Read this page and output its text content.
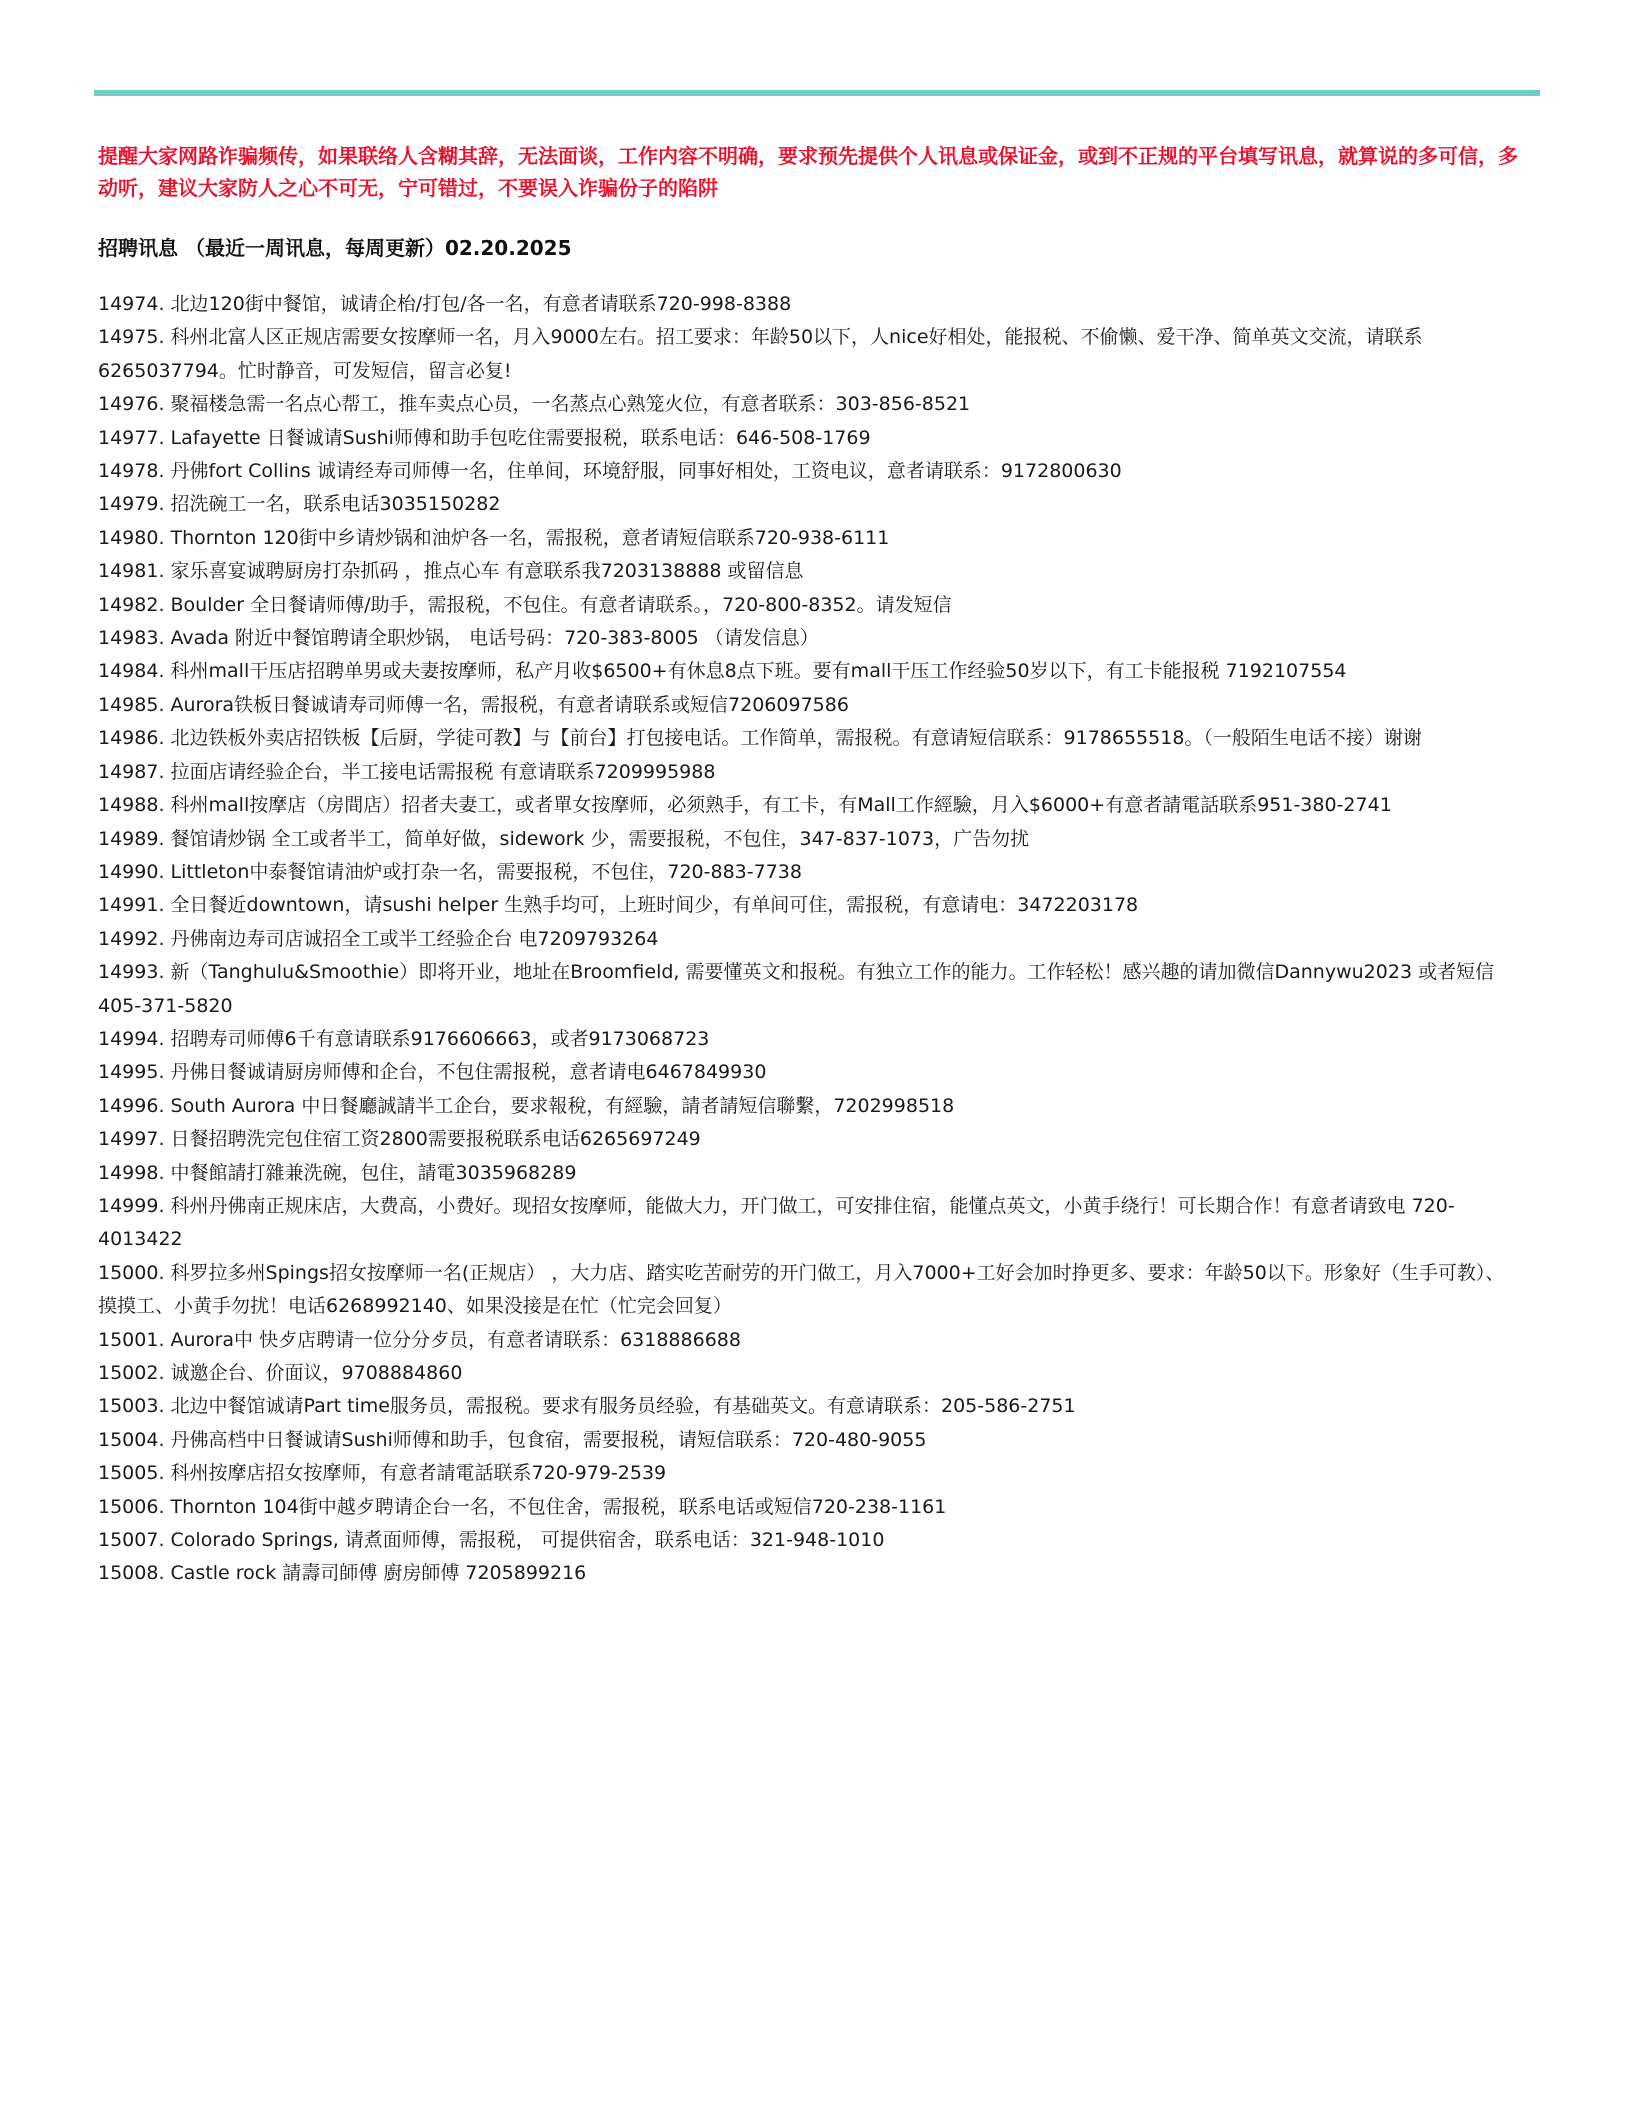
提醒大家网路诈骗频传，如果联络人含糊其辞，无法面谈，工作内容不明确，要求预先提供个人讯息或保证金，或到不正规的平台填写讯息，就算说的多可信，多动听，建议大家防人之心不可无，宁可错过，不要误入诈骗份子的陷阱

招聘讯息 （最近一周讯息，每周更新）02.20.2025

14974. 北边120街中餐馆，诚请企枱/打包/各一名，有意者请联系720-998-8388
14975. 科州北富人区正规店需要女按摩师一名，月入9000左右。招工要求：年龄50以下，人nice好相处，能报税、不偷懒、爱干净、简单英文交流，请联系6265037794。忙时静音，可发短信，留言必复!
14976. 聚福楼急需一名点心帮工，推车卖点心员，一名蒸点心熟笼火位，有意者联系：303-856-8521
14977. Lafayette 日餐诚请Sushi师傅和助手包吃住需要报税，联系电话：646-508-1769
14978. 丹佛fort Collins 诚请经寿司师傅一名，住单间，环境舒服，同事好相处，工资电议，意者请联系：9172800630
14979. 招洗碗工一名，联系电话3035150282
14980. Thornton 120街中乡请炒锅和油炉各一名，需报税，意者请短信联系720-938-6111
14981. 家乐喜宴诚聘厨房打杂抓码 ，推点心车 有意联系我7203138888 或留信息
14982. Boulder 全日餐请师傅/助手，需报税，不包住。有意者请联系。，720-800-8352。请发短信
14983. Avada 附近中餐馆聘请全职炒锅， 电话号码：720-383-8005 （请发信息）
14984. 科州mall干压店招聘单男或夫妻按摩师，私产月收$6500+有休息8点下班。要有mall干压工作经验50岁以下，有工卡能报税 7192107554
14985. Aurora铁板日餐诚请寿司师傅一名，需报税，有意者请联系或短信7206097586
14986. 北边铁板外卖店招铁板【后厨，学徒可教】与【前台】打包接电话。工作简单，需报税。有意请短信联系：9178655518。（一般陌生电话不接）谢谢
14987. 拉面店请经验企台，半工接电话需报税 有意请联系7209995988
14988. 科州mall按摩店（房間店）招者夫妻工，或者單女按摩师，必须熟手，有工卡，有Mall工作經驗，月入$6000+有意者請電話联系951-380-2741
14989. 餐馆请炒锅 全工或者半工，简单好做，sidework 少，需要报税，不包住，347-837-1073，广告勿扰
14990. Littleton中泰餐馆请油炉或打杂一名，需要报税，不包住，720-883-7738
14991. 全日餐近downtown，请sushi helper 生熟手均可，上班时间少，有单间可住，需报税，有意请电：3472203178
14992. 丹佛南边寿司店诚招全工或半工经验企台 电7209793264
14993. 新（Tanghulu&Smoothie）即将开业，地址在Broomfield, 需要懂英文和报税。有独立工作的能力。工作轻松！感兴趣的请加微信Dannywu2023 或者短信405-371-5820
14994. 招聘寿司师傅6千有意请联系9176606663，或者9173068723
14995. 丹佛日餐诚请厨房师傅和企台，不包住需报税，意者请电6467849930
14996. South Aurora 中日餐廳誠請半工企台，要求報稅，有經驗，請者請短信聯繫，7202998518
14997. 日餐招聘洗完包住宿工资2800需要报税联系电话6265697249
14998. 中餐館請打雜兼洗碗，包住，請電3035968289
14999. 科州丹佛南正规床店，大费高，小费好。现招女按摩师，能做大力，开门做工，可安排住宿，能懂点英文，小黄手绕行！可长期合作！有意者请致电 720-4013422
15000. 科罗拉多州Spings招女按摩师一名(正规店） ，大力店、踏实吃苦耐劳的开门做工，月入7000+工好会加时挣更多、要求：年龄50以下。形象好（生手可教）、摸摸工、小黄手勿扰！电话6268992140、如果没接是在忙（忙完会回复）
15001. Aurora中 快歺店聘请一位分分歺员，有意者请联系：6318886688
15002. 诚邀企台、价面议，9708884860
15003. 北边中餐馆诚请Part time服务员，需报税。要求有服务员经验，有基础英文。有意请联系：205-586-2751
15004. 丹佛高档中日餐诚请Sushi师傅和助手，包食宿，需要报税，请短信联系：720-480-9055
15005. 科州按摩店招女按摩师，有意者請電話联系720-979-2539
15006. Thornton 104街中越歺聘请企台一名，不包住舍，需报税，联系电话或短信720-238-1161
15007. Colorado Springs, 请煮面师傅，需报税， 可提供宿舍，联系电话：321-948-1010
15008. Castle rock 請壽司師傅 廚房師傅 7205899216
